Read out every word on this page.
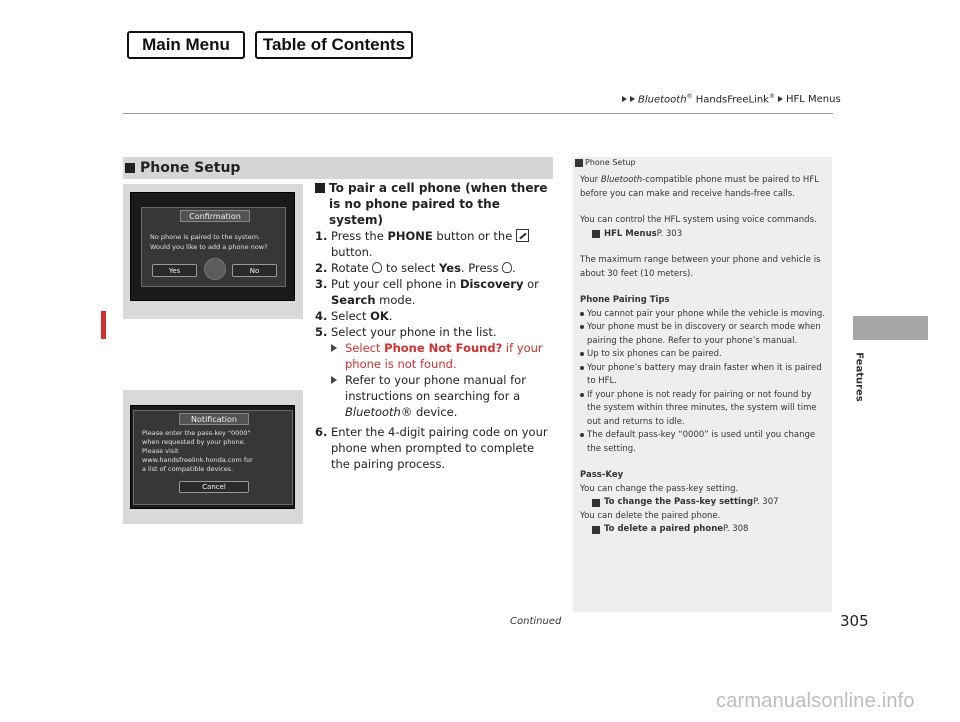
Main Menu	Table of Contents
Bluetooth® HandsFreeLink® HFL Menus
Features
Phone Setup
Confirmation
No phone is paired to the system.
Would you like to add a phone now?
Yes	No
Notification
Please enter the pass-key "0000"
when requested by your phone.
Please visit
www.handsfreelink.honda.com for
a list of compatible devices.
Cancel
To pair a cell phone (when there is no phone paired to the system)
1. Press the PHONE button or the  button.
2. Rotate  to select Yes. Press .
3. Put your cell phone in Discovery or Search mode.
4. Select OK.
5. Select your phone in the list.
Select Phone Not Found? if your phone is not found.
Refer to your phone manual for instructions on searching for a Bluetooth® device.
6. Enter the 4-digit pairing code on your phone when prompted to complete the pairing process.
Phone Setup

Your Bluetooth-compatible phone must be paired to HFL before you can make and receive hands-free calls.

You can control the HFL system using voice commands.

HFL Menus P. 303

The maximum range between your phone and vehicle is about 30 feet (10 meters).

Phone Pairing Tips

You cannot pair your phone while the vehicle is moving.
Your phone must be in discovery or search mode when pairing the phone. Refer to your phone’s manual.
Up to six phones can be paired.
Your phone’s battery may drain faster when it is paired to HFL.
If your phone is not ready for pairing or not found by the system within three minutes, the system will time out and returns to idle.
The default pass-key “0000” is used until you change the setting.

Pass-Key

You can change the pass-key setting.

To change the Pass-key setting P. 307

You can delete the paired phone.

To delete a paired phone P. 308
Continued	305
carmanualsonline.info
